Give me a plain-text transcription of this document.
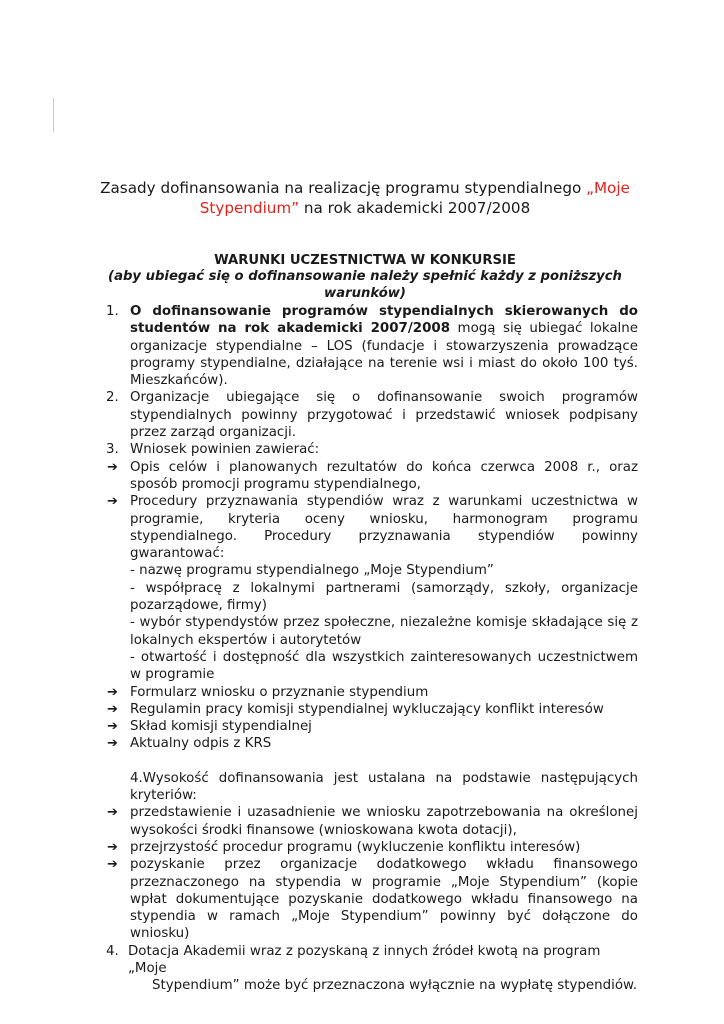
Zasady dofinansowania na realizację programu stypendialnego „Moje
Stypendium” na rok akademicki 2007/2008
WARUNKI UCZESTNICTWA W KONKURSIE
(aby ubiegać się o dofinansowanie należy spełnić każdy z poniższych warunków)
1. O dofinansowanie programów stypendialnych skierowanych do studentów na rok akademicki 2007/2008 mogą się ubiegać lokalne organizacje stypendialne – LOS (fundacje i stowarzyszenia prowadzące programy stypendialne, działające na terenie wsi i miast do około 100 tyś. Mieszkańców).
2. Organizacje ubiegające się o dofinansowanie swoich programów stypendialnych powinny przygotować i przedstawić wniosek podpisany przez zarząd organizacji.
3. Wniosek powinien zawierać:
➔ Opis celów i planowanych rezultatów do końca czerwca 2008 r., oraz sposób promocji programu stypendialnego,
➔ Procedury przyznawania stypendiów wraz z warunkami uczestnictwa w programie, kryteria oceny wniosku, harmonogram programu stypendialnego. Procedury przyznawania stypendiów powinny gwarantować:
- nazwę programu stypendialnego „Moje Stypendium”
- współpracę z lokalnymi partnerami (samorządy, szkoły, organizacje pozarządowe, firmy)
- wybór stypendystów przez społeczne, niezależne komisje składające się z lokalnych ekspertów i autorytetów
- otwartość i dostępność dla wszystkich zainteresowanych uczestnictwem w programie
➔ Formularz wniosku o przyznanie stypendium
➔ Regulamin pracy komisji stypendialnej wykluczający konflikt interesów
➔ Skład komisji stypendialnej
➔ Aktualny odpis z KRS
4.Wysokość dofinansowania jest ustalana na podstawie następujących kryteriów:
➔ przedstawienie i uzasadnienie we wniosku zapotrzebowania na określonej wysokości środki finansowe (wnioskowana kwota dotacji),
➔ przejrzystość procedur programu (wykluczenie konfliktu interesów)
➔ pozyskanie przez organizacje dodatkowego wkładu finansowego przeznaczonego na stypendia w programie „Moje Stypendium” (kopie wpłat dokumentujące pozyskanie dodatkowego wkładu finansowego na stypendia w ramach „Moje Stypendium” powinny być dołączone do wniosku)
4. Dotacja Akademii wraz z pozyskaną z innych źródeł kwotą na program „Moje
Stypendium” może być przeznaczona wyłącznie na wypłatę stypendiów.
